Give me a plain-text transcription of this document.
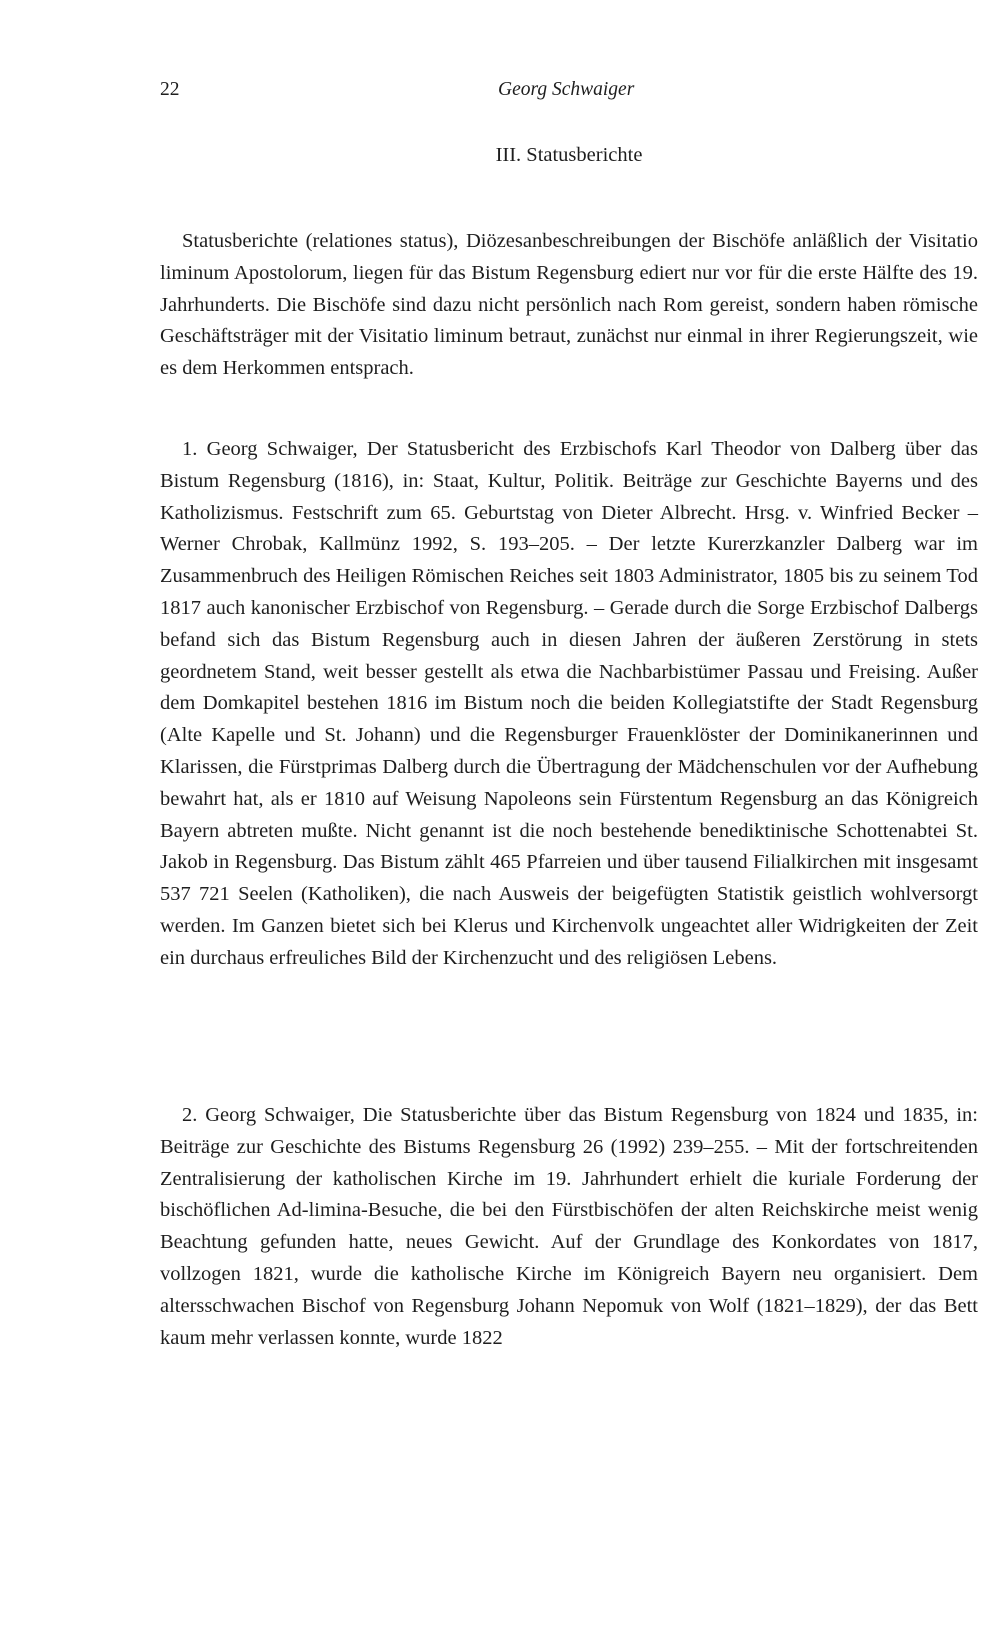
22	Georg Schwaiger
III. Statusberichte

Statusberichte (relationes status), Diözesanbeschreibungen der Bischöfe anläßlich der Visitatio liminum Apostolorum, liegen für das Bistum Regensburg ediert nur vor für die erste Hälfte des 19. Jahrhunderts. Die Bischöfe sind dazu nicht persönlich nach Rom gereist, sondern haben römische Geschäftsträger mit der Visitatio liminum betraut, zunächst nur einmal in ihrer Regierungszeit, wie es dem Herkommen entsprach.

1. Georg Schwaiger, Der Statusbericht des Erzbischofs Karl Theodor von Dalberg über das Bistum Regensburg (1816), in: Staat, Kultur, Politik. Beiträge zur Geschichte Bayerns und des Katholizismus. Festschrift zum 65. Geburtstag von Dieter Albrecht. Hrsg. v. Winfried Becker – Werner Chrobak, Kallmünz 1992, S. 193–205. – Der letzte Kurerzkanzler Dalberg war im Zusammenbruch des Heiligen Römischen Reiches seit 1803 Administrator, 1805 bis zu seinem Tod 1817 auch kanonischer Erzbischof von Regensburg. – Gerade durch die Sorge Erzbischof Dalbergs befand sich das Bistum Regensburg auch in diesen Jahren der äußeren Zerstörung in stets geordnetem Stand, weit besser gestellt als etwa die Nachbarbistümer Passau und Freising. Außer dem Domkapitel bestehen 1816 im Bistum noch die beiden Kollegiatstifte der Stadt Regensburg (Alte Kapelle und St. Johann) und die Regensburger Frauenklöster der Dominikanerinnen und Klarissen, die Fürstprimas Dalberg durch die Übertragung der Mädchenschulen vor der Aufhebung bewahrt hat, als er 1810 auf Weisung Napoleons sein Fürstentum Regensburg an das Königreich Bayern abtreten mußte. Nicht genannt ist die noch bestehende benediktinische Schottenabtei St. Jakob in Regensburg. Das Bistum zählt 465 Pfarreien und über tausend Filialkirchen mit insgesamt 537 721 Seelen (Katholiken), die nach Ausweis der beigefügten Statistik geistlich wohlversorgt werden. Im Ganzen bietet sich bei Klerus und Kirchenvolk ungeachtet aller Widrigkeiten der Zeit ein durchaus erfreuliches Bild der Kirchenzucht und des religiösen Lebens.

2. Georg Schwaiger, Die Statusberichte über das Bistum Regensburg von 1824 und 1835, in: Beiträge zur Geschichte des Bistums Regensburg 26 (1992) 239–255. – Mit der fortschreitenden Zentralisierung der katholischen Kirche im 19. Jahrhundert erhielt die kuriale Forderung der bischöflichen Ad-limina-Besuche, die bei den Fürstbischöfen der alten Reichskirche meist wenig Beachtung gefunden hatte, neues Gewicht. Auf der Grundlage des Konkordates von 1817, vollzogen 1821, wurde die katholische Kirche im Königreich Bayern neu organisiert. Dem altersschwachen Bischof von Regensburg Johann Nepomuk von Wolf (1821–1829), der das Bett kaum mehr verlassen konnte, wurde 1822
